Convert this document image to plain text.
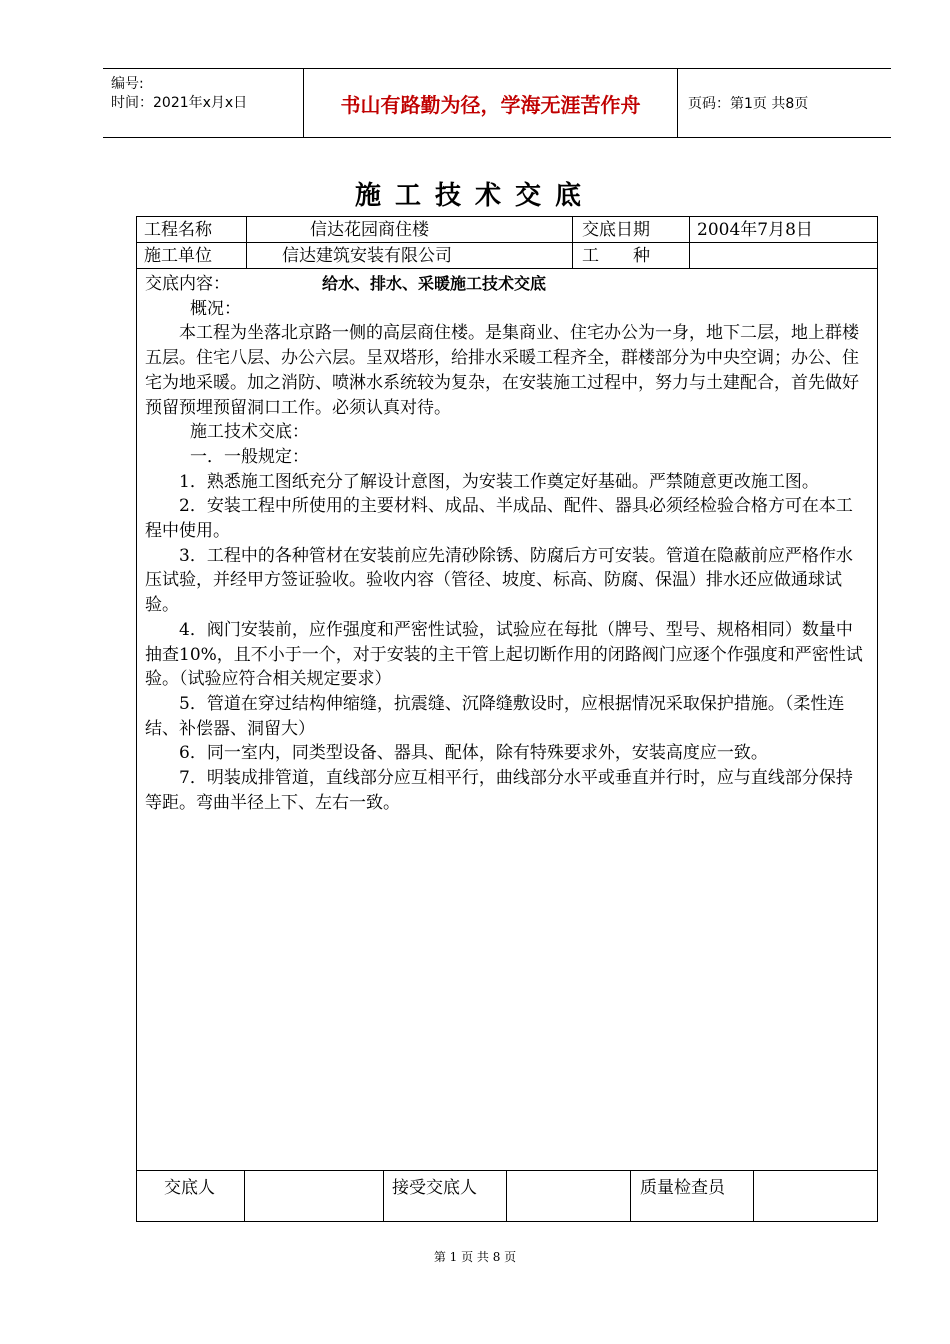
编号:
时间：2021年x月x日	书山有路勤为径，学海无涯苦作舟	页码：第1页 共8页
施工技术交底
工程名称	信达花园商住楼	交底日期	2004年7月8日
施工单位	信达建筑安装有限公司	工　　种

交底内容：	给水、排水、采暖施工技术交底

概况：

本工程为坐落北京路一侧的高层商住楼。是集商业、住宅办公为一身，地下二层，地上群楼五层。住宅八层、办公六层。呈双塔形，给排水采暖工程齐全，群楼部分为中央空调；办公、住宅为地采暖。加之消防、喷淋水系统较为复杂，在安装施工过程中，努力与土建配合，首先做好预留预埋预留洞口工作。必须认真对待。

施工技术交底：

一．一般规定：

1．熟悉施工图纸充分了解设计意图，为安装工作奠定好基础。严禁随意更改施工图。

2．安装工程中所使用的主要材料、成品、半成品、配件、器具必须经检验合格方可在本工程中使用。

3．工程中的各种管材在安装前应先清砂除锈、防腐后方可安装。管道在隐蔽前应严格作水压试验，并经甲方签证验收。验收内容（管径、坡度、标高、防腐、保温）排水还应做通球试验。

4．阀门安装前，应作强度和严密性试验，试验应在每批（牌号、型号、规格相同）数量中抽查10%，且不小于一个，对于安装的主干管上起切断作用的闭路阀门应逐个作强度和严密性试验。（试验应符合相关规定要求）

5．管道在穿过结构伸缩缝，抗震缝、沉降缝敷设时，应根据情况采取保护措施。（柔性连结、补偿器、洞留大）

6．同一室内，同类型设备、器具、配体，除有特殊要求外，安装高度应一致。

7．明装成排管道，直线部分应互相平行，曲线部分水平或垂直并行时，应与直线部分保持等距。弯曲半径上下、左右一致。

交底人	接受交底人	质量检查员
第 1 页 共 8 页
